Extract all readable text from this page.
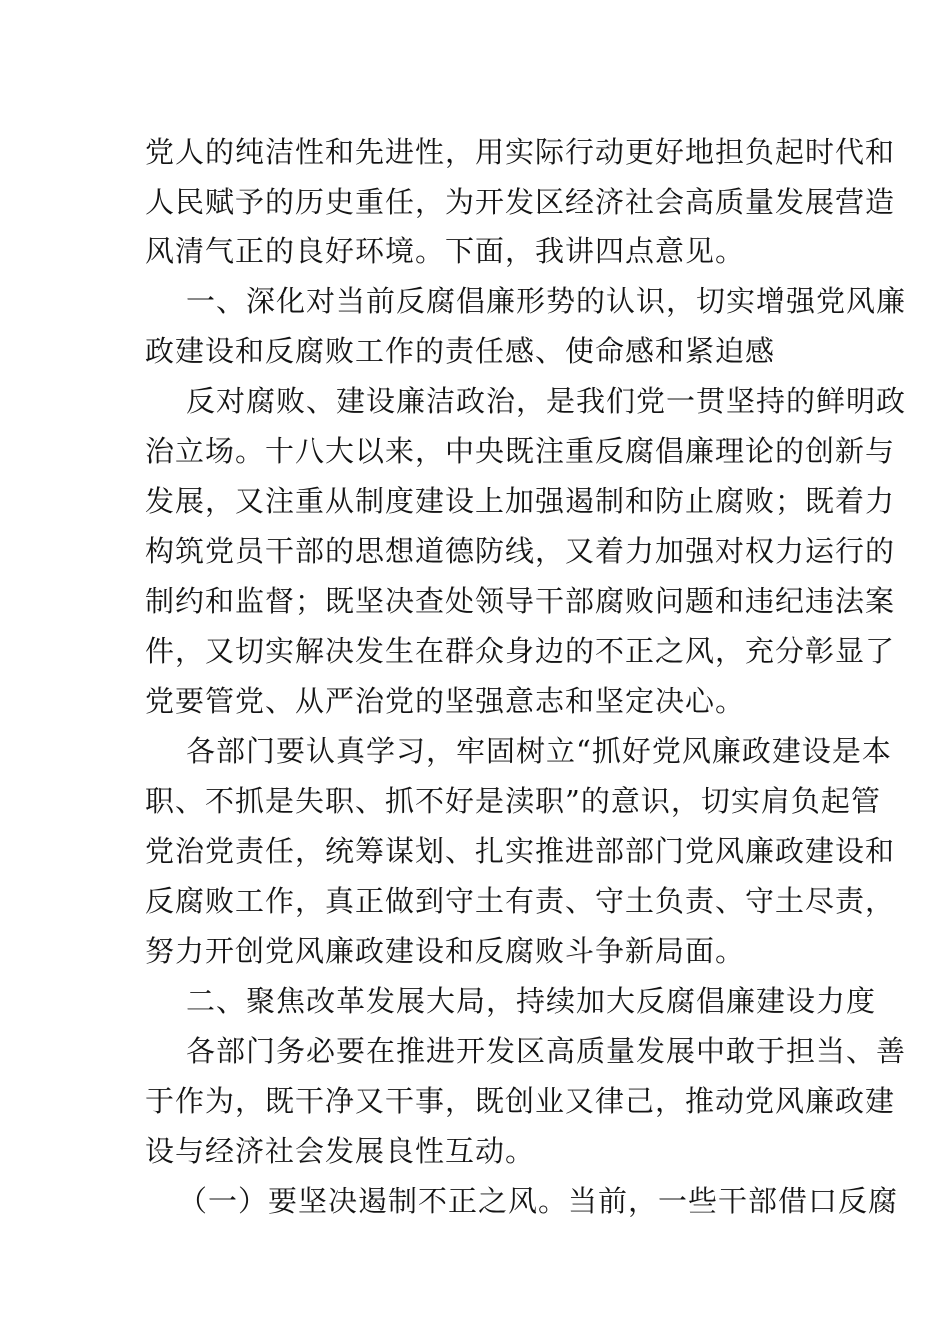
党人的纯洁性和先进性，用实际行动更好地担负起时代和
人民赋予的历史重任，为开发区经济社会高质量发展营造
风清气正的良好环境。下面，我讲四点意见。
一、深化对当前反腐倡廉形势的认识，切实增强党风廉
政建设和反腐败工作的责任感、使命感和紧迫感
反对腐败、建设廉洁政治，是我们党一贯坚持的鲜明政
治立场。十八大以来，中央既注重反腐倡廉理论的创新与
发展，又注重从制度建设上加强遏制和防止腐败；既着力
构筑党员干部的思想道德防线，又着力加强对权力运行的
制约和监督；既坚决查处领导干部腐败问题和违纪违法案
件，又切实解决发生在群众身边的不正之风，充分彰显了
党要管党、从严治党的坚强意志和坚定决心。
各部门要认真学习，牢固树立“抓好党风廉政建设是本
职、不抓是失职、抓不好是渎职”的意识，切实肩负起管
党治党责任，统筹谋划、扎实推进部部门党风廉政建设和
反腐败工作，真正做到守土有责、守土负责、守土尽责，
努力开创党风廉政建设和反腐败斗争新局面。
二、聚焦改革发展大局，持续加大反腐倡廉建设力度
各部门务必要在推进开发区高质量发展中敢于担当、善
于作为，既干净又干事，既创业又律己，推动党风廉政建
设与经济社会发展良性互动。
（一）要坚决遏制不正之风。当前，一些干部借口反腐
